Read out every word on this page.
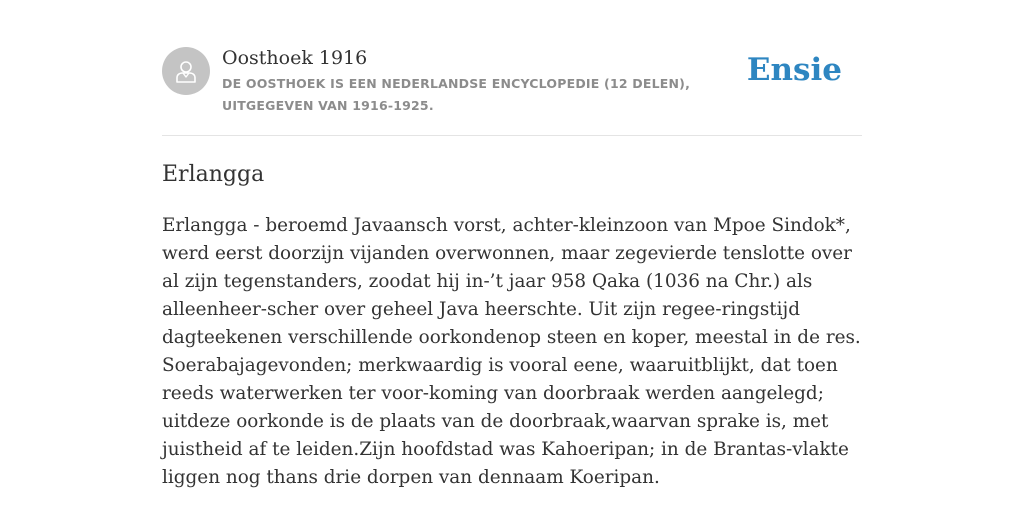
Oosthoek 1916
DE OOSTHOEK IS EEN NEDERLANDSE ENCYCLOPEDIE (12 DELEN), UITGEGEVEN VAN 1916-1925.
Ensie
Erlangga

Erlangga - beroemd Javaansch vorst, achter-kleinzoon van Mpoe Sindok*, werd eerst doorzijn vijanden overwonnen, maar zegevierde tenslotte over al zijn tegenstanders, zoodat hij in-’t jaar 958 Qaka (1036 na Chr.) als alleenheer-scher over geheel Java heerschte. Uit zijn regee-ringstijd dagteekenen verschillende oorkondenop steen en koper, meestal in de res. Soerabajagevonden; merkwaardig is vooral eene, waaruitblijkt, dat toen reeds waterwerken ter voor-koming van doorbraak werden aangelegd; uitdeze oorkonde is de plaats van de doorbraak,waarvan sprake is, met juistheid af te leiden.Zijn hoofdstad was Kahoeripan; in de Brantas-vlakte liggen nog thans drie dorpen van dennaam Koeripan.
